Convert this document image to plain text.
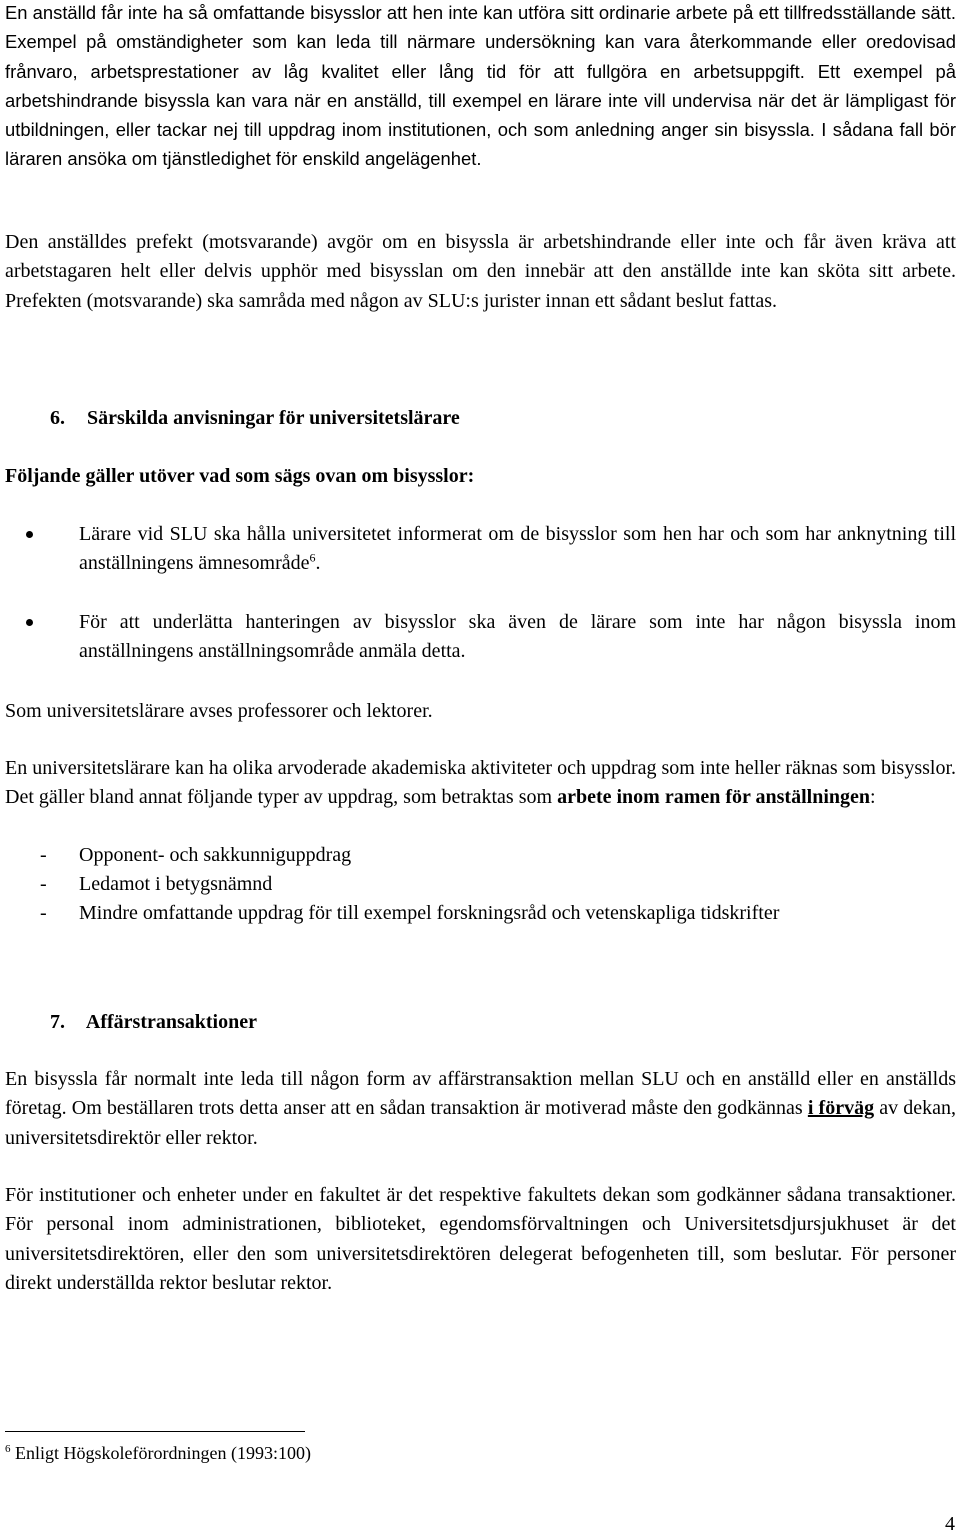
En anställd får inte ha så omfattande bisysslor att hen inte kan utföra sitt ordinarie arbete på ett tillfredsställande sätt. Exempel på omständigheter som kan leda till närmare undersökning kan vara återkommande eller oredovisad frånvaro, arbetsprestationer av låg kvalitet eller lång tid för att fullgöra en arbetsuppgift. Ett exempel på arbetshindrande bisyssla kan vara när en anställd, till exempel en lärare inte vill undervisa när det är lämpligast för utbildningen, eller tackar nej till uppdrag inom institutionen, och som anledning anger sin bisyssla. I sådana fall bör läraren ansöka om tjänstledighet för enskild angelägenhet.

Den anställdes prefekt (motsvarande) avgör om en bisyssla är arbetshindrande eller inte och får även kräva att arbetstagaren helt eller delvis upphör med bisysslan om den innebär att den anställde inte kan sköta sitt arbete. Prefekten (motsvarande) ska samråda med någon av SLU:s jurister innan ett sådant beslut fattas.

6. Särskilda anvisningar för universitetslärare
Följande gäller utöver vad som sägs ovan om bisysslor:

Lärare vid SLU ska hålla universitetet informerat om de bisysslor som hen har och som har anknytning till anställningens ämnesområde$^6$.

För att underlätta hanteringen av bisysslor ska även de lärare som inte har någon bisyssla inom anställningens anställningsområde anmäla detta.

Som universitetslärare avses professorer och lektorer.

En universitetslärare kan ha olika arvoderade akademiska aktiviteter och uppdrag som inte heller räknas som bisysslor. Det gäller bland annat följande typer av uppdrag, som betraktas som arbete inom ramen för anställningen:

- Opponent- och sakkunniguppdrag

- Ledamot i betygsnämnd

- Mindre omfattande uppdrag för till exempel forskningsråd och vetenskapliga tidskrifter

7. Affärstransaktioner

En bisyssla får normalt inte leda till någon form av affärstransaktion mellan SLU och en anställd eller en anställds företag. Om beställaren trots detta anser att en sådan transaktion är motiverad måste den godkännas i förväg av dekan, universitetsdirektör eller rektor.

För institutioner och enheter under en fakultet är det respektive fakultets dekan som godkänner sådana transaktioner. För personal inom administrationen, biblioteket, egendomsförvaltningen och Universitetsdjursjukhuset är det universitetsdirektören, eller den som universitetsdirektören delegerat befogenheten till, som beslutar. För personer direkt underställda rektor beslutar rektor.

$^6$ Enligt Högskoleförordningen (1993:100)
4
